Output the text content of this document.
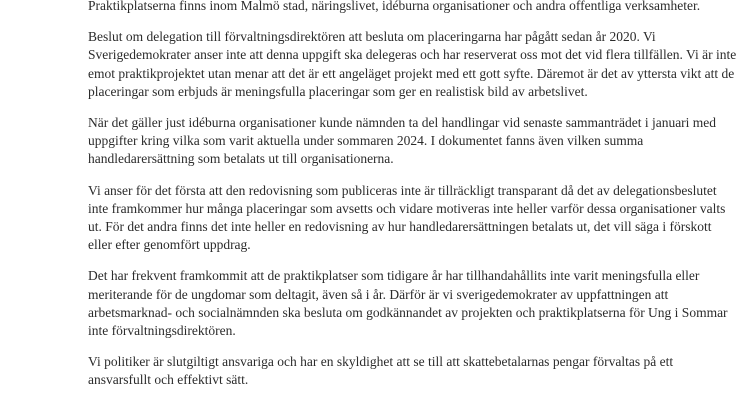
Praktikplatserna finns inom Malmö stad, näringslivet, idéburna organisationer och andra offentliga verksamheter.

Beslut om delegation till förvaltningsdirektören att besluta om placeringarna har pågått sedan år 2020. Vi Sverigedemokrater anser inte att denna uppgift ska delegeras och har reserverat oss mot det vid flera tillfällen. Vi är inte emot praktikprojektet utan menar att det är ett angeläget projekt med ett gott syfte. Däremot är det av yttersta vikt att de placeringar som erbjuds är meningsfulla placeringar som ger en realistisk bild av arbetslivet.

När det gäller just idéburna organisationer kunde nämnden ta del handlingar vid senaste sammanträdet i januari med uppgifter kring vilka som varit aktuella under sommaren 2024. I dokumentet fanns även vilken summa handledarersättning som betalats ut till organisationerna.

Vi anser för det första att den redovisning som publiceras inte är tillräckligt transparant då det av delegationsbeslutet inte framkommer hur många placeringar som avsetts och vidare motiveras inte heller varför dessa organisationer valts ut. För det andra finns det inte heller en redovisning av hur handledarersättningen betalats ut, det vill säga i förskott eller efter genomfört uppdrag.

Det har frekvent framkommit att de praktikplatser som tidigare år har tillhandahållits inte varit meningsfulla eller meriterande för de ungdomar som deltagit, även så i år. Därför är vi sverigedemokrater av uppfattningen att arbetsmarknad- och socialnämnden ska besluta om godkännandet av projekten och praktikplatserna för Ung i Sommar inte förvaltningsdirektören.

Vi politiker är slutgiltigt ansvariga och har en skyldighet att se till att skattebetalarnas pengar förvaltas på ett ansvarsfullt och effektivt sätt.
